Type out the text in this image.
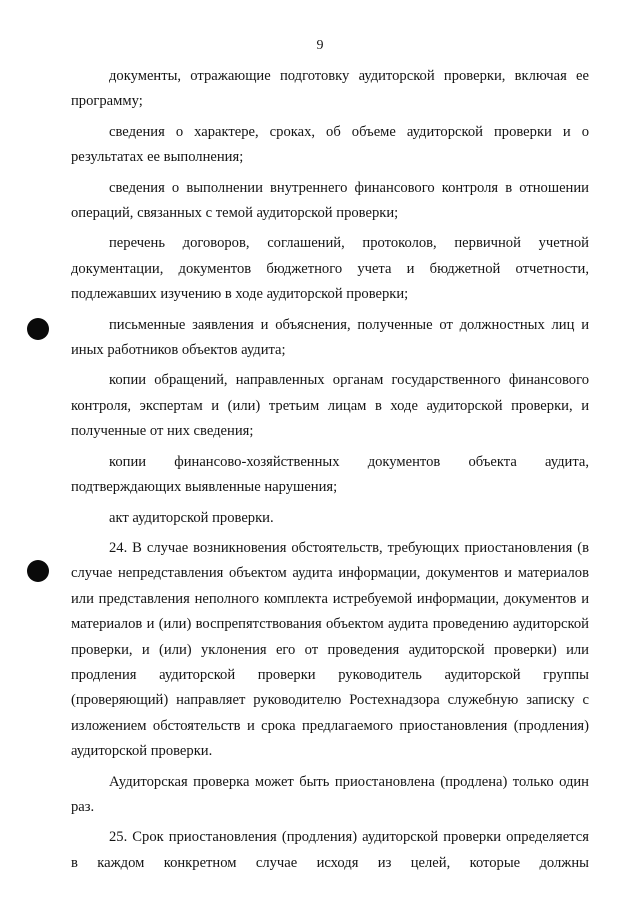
9

документы, отражающие подготовку аудиторской проверки, включая ее программу;

сведения о характере, сроках, об объеме аудиторской проверки и о результатах ее выполнения;

сведения о выполнении внутреннего финансового контроля в отношении операций, связанных с темой аудиторской проверки;

перечень договоров, соглашений, протоколов, первичной учетной документации, документов бюджетного учета и бюджетной отчетности, подлежавших изучению в ходе аудиторской проверки;

письменные заявления и объяснения, полученные от должностных лиц и иных работников объектов аудита;

копии обращений, направленных органам государственного финансового контроля, экспертам и (или) третьим лицам в ходе аудиторской проверки, и полученные от них сведения;

копии финансово-хозяйственных документов объекта аудита, подтверждающих выявленные нарушения;

акт аудиторской проверки.

24. В случае возникновения обстоятельств, требующих приостановления (в случае непредставления объектом аудита информации, документов и материалов или представления неполного комплекта истребуемой информации, документов и материалов и (или) воспрепятствования объектом аудита проведению аудиторской проверки, и (или) уклонения его от проведения аудиторской проверки) или продления аудиторской проверки руководитель аудиторской группы (проверяющий) направляет руководителю Ростехнадзора служебную записку с изложением обстоятельств и срока предлагаемого приостановления (продления) аудиторской проверки.

Аудиторская проверка может быть приостановлена (продлена) только один раз.

25. Срок приостановления (продления) аудиторской проверки определяется в каждом конкретном случае исходя из целей, которые должны
